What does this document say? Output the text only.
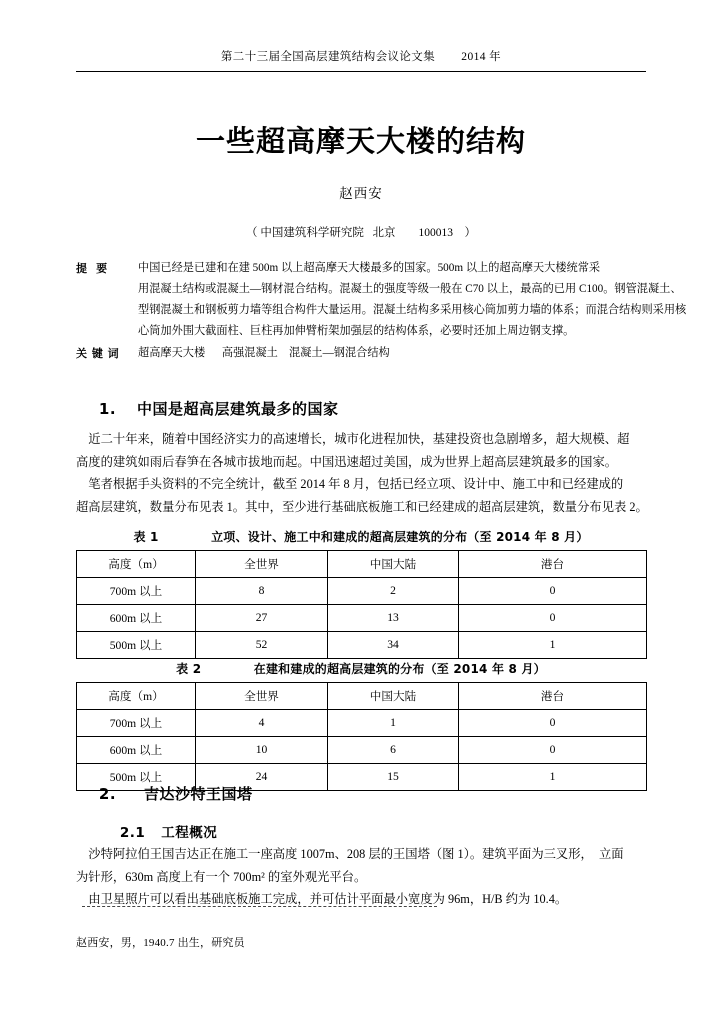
第二十三届全国高层建筑结构会议论文集        2014 年
一些超高摩天大楼的结构
赵西安
（ 中国建筑科学研究院   北京        100013    ）
提  要	中国已经是已建和在建 500m 以上超高摩天大楼最多的国家。500m 以上的超高摩天大楼统常采

用混凝土结构或混凝土—钢材混合结构。混凝土的强度等级一般在 C70 以上，最高的已用 C100。钢管混凝土、

型钢混凝土和钢板剪力墙等组合构件大量运用。混凝土结构多采用核心筒加剪力墙的体系；而混合结构则采用核

心筒加外围大截面柱、巨柱再加伸臂桁架加强层的结构体系，必要时还加上周边钢支撑。

关 键 词	超高摩天大楼      高强混凝土    混凝土—钢混合结构

1. 中国是超高层建筑最多的国家

近二十年来，随着中国经济实力的高速增长，城市化进程加快，基建投资也急剧增多，超大规模、超

高度的建筑如雨后春笋在各城市拔地而起。中国迅速超过美国，成为世界上超高层建筑最多的国家。

笔者根据手头资料的不完全统计，截至 2014 年 8 月，包括已经立项、设计中、施工中和已经建成的

超高层建筑，数量分布见表 1。其中，至少进行基础底板施工和已经建成的超高层建筑，数量分布见表 2。

表 1            立项、设计、施工中和建成的超高层建筑的分布（至 2014 年 8 月）
高度（m）	全世界	中国大陆	港台
700m 以上	8	2	0
600m 以上	27	13	0
500m 以上	52	34	1
表 2            在建和建成的超高层建筑的分布（至 2014 年 8 月）
高度（m）	全世界	中国大陆	港台
700m 以上	4	1	0
600m 以上	10	6	0
500m 以上	24	15	1

2. 吉达沙特王国塔

2.1 工程概况

沙特阿拉伯王国吉达正在施工一座高度 1007m、208 层的王国塔（图 1）。建筑平面为三叉形，  立面

为针形，630m 高度上有一个 700m² 的室外观光平台。

由卫星照片可以看出基础底板施工完成，并可估计平面最小宽度为 96m，H/B 约为 10.4。

赵西安，男，1940.7 出生，研究员
